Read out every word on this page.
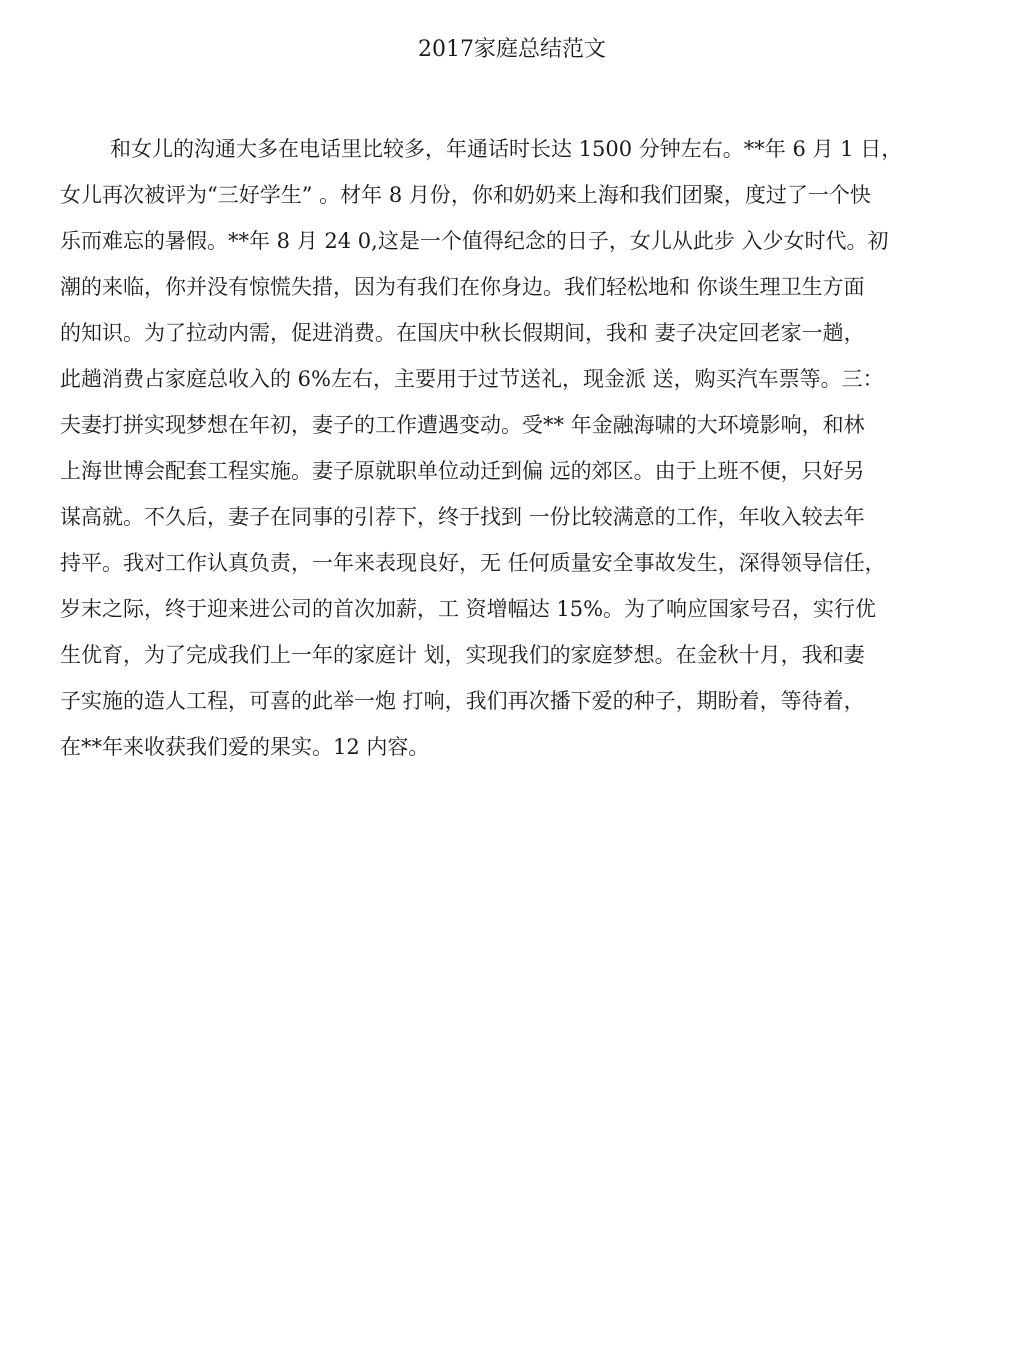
2017家庭总结范文
和女儿的沟通大多在电话里比较多，年通话时长达 1500 分钟左右。**年 6 月 1 日，
女儿再次被评为“三好学生” 。材年 8 月份，你和奶奶来上海和我们团聚，度过了一个快
乐而难忘的暑假。**年 8 月 24 0,这是一个值得纪念的日子，女儿从此步 入少女时代。初
潮的来临，你并没有惊慌失措，因为有我们在你身边。我们轻松地和 你谈生理卫生方面
的知识。为了拉动内需，促进消费。在国庆中秋长假期间，我和 妻子决定回老家一趟，
此趟消费占家庭总收入的 6%左右，主要用于过节送礼，现金派 送，购买汽车票等。三：
夫妻打拼实现梦想在年初，妻子的工作遭遇变动。受** 年金融海啸的大环境影响，和林
上海世博会配套工程实施。妻子原就职单位动迁到偏 远的郊区。由于上班不便，只好另
谋高就。不久后，妻子在同事的引荐下，终于找到 一份比较满意的工作，年收入较去年
持平。我对工作认真负责，一年来表现良好，无 任何质量安全事故发生，深得领导信任，
岁末之际，终于迎来进公司的首次加薪，工 资增幅达 15%。为了响应国家号召，实行优
生优育，为了完成我们上一年的家庭计 划，实现我们的家庭梦想。在金秋十月，我和妻
子实施的造人工程，可喜的此举一炮 打响，我们再次播下爱的种子，期盼着，等待着，
在**年来收获我们爱的果实。12 内容。
